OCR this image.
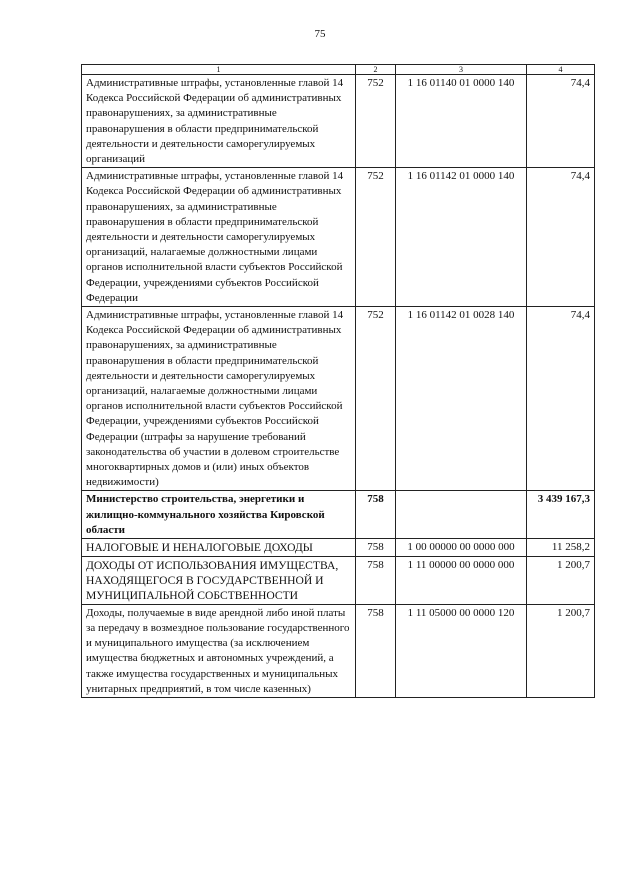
75
1	2	3	4
Административные штрафы, установленные главой 14 Кодекса Российской Федерации об административных правонарушениях, за административные правонарушения в области предпринимательской деятельности и деятельности саморегулируемых организаций	752	1 16 01140 01 0000 140	74,4
Административные штрафы, установленные главой 14 Кодекса Российской Федерации об административных правонарушениях, за административные правонарушения в области предпринимательской деятельности и деятельности саморегулируемых организаций, налагаемые должностными лицами органов исполнительной власти субъектов Российской Федерации, учреждениями субъектов Российской Федерации	752	1 16 01142 01 0000 140	74,4
Административные штрафы, установленные главой 14 Кодекса Российской Федерации об административных правонарушениях, за административные правонарушения в области предпринимательской деятельности и деятельности саморегулируемых организаций, налагаемые должностными лицами органов исполнительной власти субъектов Российской Федерации, учреждениями субъектов Российской Федерации (штрафы за нарушение требований законодательства об участии в долевом строительстве многоквартирных домов и (или) иных объектов недвижимости)	752	1 16 01142 01 0028 140	74,4
Министерство строительства, энергетики и жилищно-коммунального хозяйства Кировской области	758		3 439 167,3
НАЛОГОВЫЕ И НЕНАЛОГОВЫЕ ДОХОДЫ	758	1 00 00000 00 0000 000	11 258,2
ДОХОДЫ ОТ ИСПОЛЬЗОВАНИЯ ИМУЩЕСТВА, НАХОДЯЩЕГОСЯ В ГОСУДАРСТВЕННОЙ И МУНИЦИПАЛЬНОЙ СОБСТВЕННОСТИ	758	1 11 00000 00 0000 000	1 200,7
Доходы, получаемые в виде арендной либо иной платы за передачу в возмездное пользование государственного и муниципального имущества (за исключением имущества бюджетных и автономных учреждений, а также имущества государственных и муниципальных унитарных предприятий, в том числе казенных)	758	1 11 05000 00 0000 120	1 200,7
